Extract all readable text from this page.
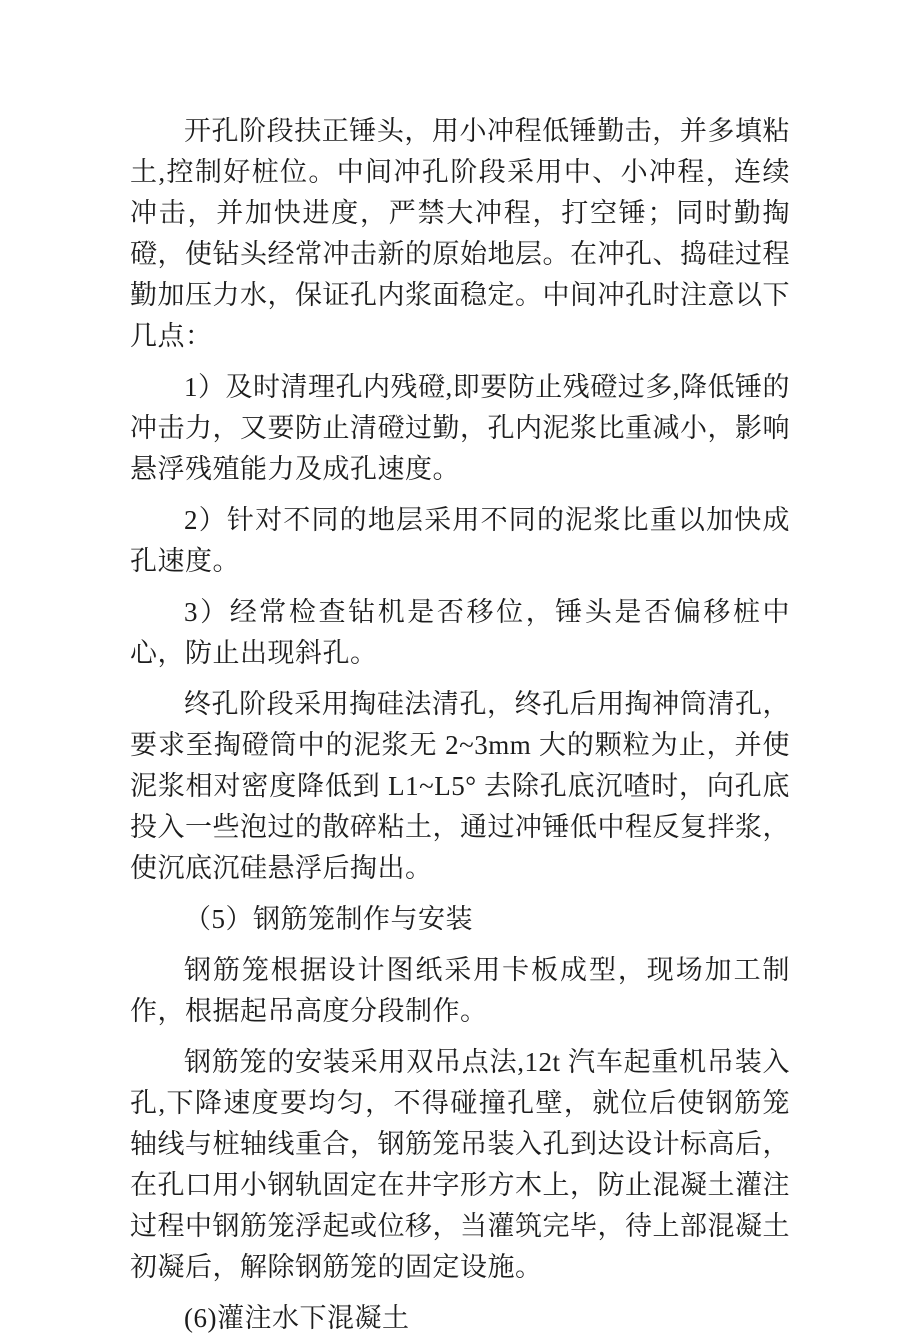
开孔阶段扶正锤头，用小冲程低锤勤击，并多填粘土,控制好桩位。中间冲孔阶段采用中、小冲程，连续冲击，并加快进度，严禁大冲程，打空锤；同时勤掏磴，使钻头经常冲击新的原始地层。在冲孔、捣硅过程勤加压力水，保证孔内浆面稳定。中间冲孔时注意以下几点：

1）及时清理孔内残磴,即要防止残磴过多,降低锤的冲击力，又要防止清磴过勤，孔内泥浆比重减小，影响悬浮残殖能力及成孔速度。

2）针对不同的地层采用不同的泥浆比重以加快成孔速度。

3）经常检查钻机是否移位，锤头是否偏移桩中心，防止出现斜孔。

终孔阶段采用掏硅法清孔，终孔后用掏神筒清孔，要求至掏磴筒中的泥浆无 2~3mm 大的颗粒为止，并使泥浆相对密度降低到 L1~L5° 去除孔底沉喳时，向孔底投入一些泡过的散碎粘土，通过冲锤低中程反复拌浆，使沉底沉硅悬浮后掏出。

（5）钢筋笼制作与安装

钢筋笼根据设计图纸采用卡板成型，现场加工制作，根据起吊高度分段制作。

钢筋笼的安装采用双吊点法,12t 汽车起重机吊装入孔,下降速度要均匀，不得碰撞孔壁，就位后使钢筋笼轴线与桩轴线重合，钢筋笼吊装入孔到达设计标高后，在孔口用小钢轨固定在井字形方木上，防止混凝土灌注过程中钢筋笼浮起或位移，当灌筑完毕，待上部混凝土初凝后，解除钢筋笼的固定设施。

(6)灌注水下混凝土
